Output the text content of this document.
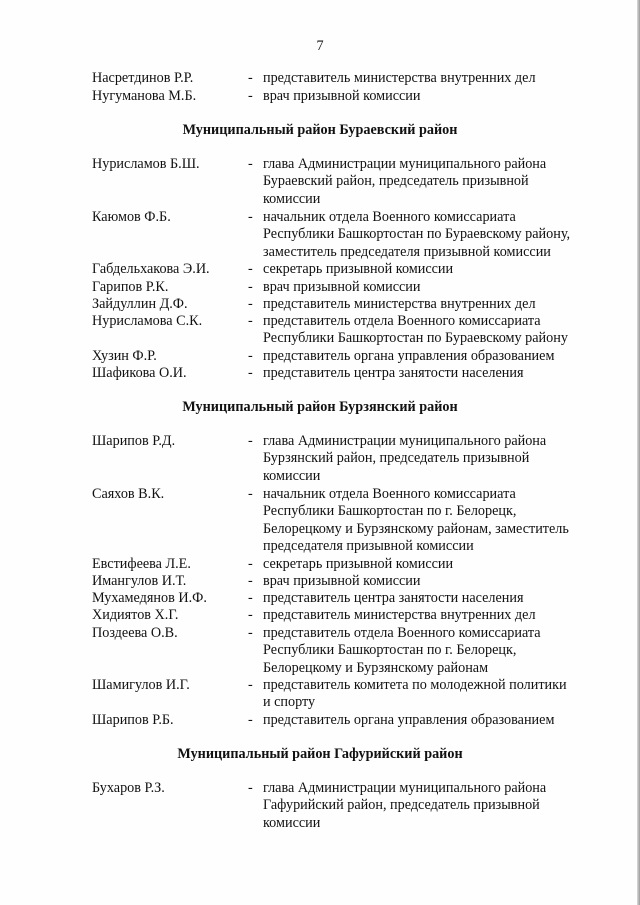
7
Насретдинов Р.Р.	- представитель министерства внутренних дел
Нугуманова М.Б.	- врач призывной комиссии
Муниципальный район Бураевский район
Нурисламов Б.Ш.	- глава Администрации муниципального района
Бураевский район, председатель призывной
комиссии
Каюмов Ф.Б.	- начальник отдела Военного комиссариата
Республики Башкортостан по Бураевскому району,
заместитель председателя призывной комиссии
Габдельхакова Э.И.	- секретарь призывной комиссии
Гарипов Р.К.	- врач призывной комиссии
Зайдуллин Д.Ф.	- представитель министерства внутренних дел
Нурисламова С.К.	- представитель отдела Военного комиссариата
Республики Башкортостан по Бураевскому району
Хузин Ф.Р.	- представитель органа управления образованием
Шафикова О.И.	- представитель центра занятости населения
Муниципальный район Бурзянский район
Шарипов Р.Д.	- глава Администрации муниципального района
Бурзянский район, председатель призывной
комиссии
Саяхов В.К.	- начальник отдела Военного комиссариата
Республики Башкортостан по г. Белорецк,
Белорецкому и Бурзянскому районам, заместитель
председателя призывной комиссии
Евстифеева Л.Е.	- секретарь призывной комиссии
Имангулов И.Т.	- врач призывной комиссии
Мухамедянов И.Ф.	- представитель центра занятости населения
Хидиятов Х.Г.	- представитель министерства внутренних дел
Поздеева О.В.	- представитель отдела Военного комиссариата
Республики Башкортостан по г. Белорецк,
Белорецкому и Бурзянскому районам
Шамигулов И.Г.	- представитель комитета по молодежной политики
и спорту
Шарипов Р.Б.	- представитель органа управления образованием
Муниципальный район Гафурийский район
Бухаров Р.З.	- глава Администрации муниципального района
Гафурийский район, председатель призывной
комиссии
